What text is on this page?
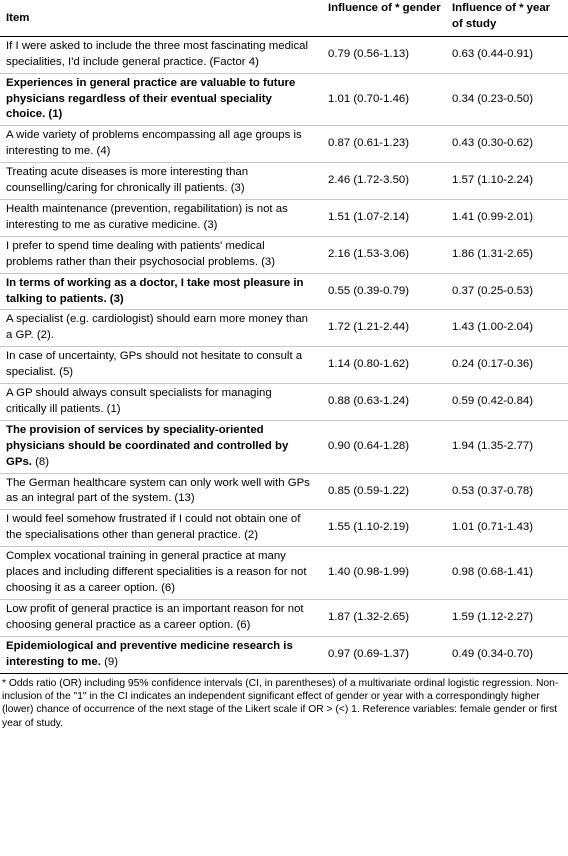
Item	Influence of * gender	Influence of * year of study
If I were asked to include the three most fascinating medical specialities, I'd include general practice. (Factor 4)	0.79 (0.56-1.13)	0.63 (0.44-0.91)
Experiences in general practice are valuable to future physicians regardless of their eventual speciality choice. (1)	1.01 (0.70-1.46)	0.34 (0.23-0.50)
A wide variety of problems encompassing all age groups is interesting to me. (4)	0.87 (0.61-1.23)	0.43 (0.30-0.62)
Treating acute diseases is more interesting than counselling/caring for chronically ill patients. (3)	2.46 (1.72-3.50)	1.57 (1.10-2.24)
Health maintenance (prevention, regabilitation) is not as interesting to me as curative medicine. (3)	1.51 (1.07-2.14)	1.41 (0.99-2.01)
I prefer to spend time dealing with patients' medical problems rather than their psychosocial problems. (3)	2.16 (1.53-3.06)	1.86 (1.31-2.65)
In terms of working as a doctor, I take most pleasure in talking to patients. (3)	0.55 (0.39-0.79)	0.37 (0.25-0.53)
A specialist (e.g. cardiologist) should earn more money than a GP. (2).	1.72 (1.21-2.44)	1.43 (1.00-2.04)
In case of uncertainty, GPs should not hesitate to consult a specialist. (5)	1.14 (0.80-1.62)	0.24 (0.17-0.36)
A GP should always consult specialists for managing critically ill patients. (1)	0.88 (0.63-1.24)	0.59 (0.42-0.84)
The provision of services by speciality-oriented physicians should be coordinated and controlled by GPs. (8)	0.90 (0.64-1.28)	1.94 (1.35-2.77)
The German healthcare system can only work well with GPs as an integral part of the system. (13)	0.85 (0.59-1.22)	0.53 (0.37-0.78)
I would feel somehow frustrated if I could not obtain one of the specialisations other than general practice. (2)	1.55 (1.10-2.19)	1.01 (0.71-1.43)
Complex vocational training in general practice at many places and including different specialities is a reason for not choosing it as a career option. (6)	1.40 (0.98-1.99)	0.98 (0.68-1.41)
Low profit of general practice is an important reason for not choosing general practice as a career option. (6)	1.87 (1.32-2.65)	1.59 (1.12-2.27)
Epidemiological and preventive medicine research is interesting to me. (9)	0.97 (0.69-1.37)	0.49 (0.34-0.70)
* Odds ratio (OR) including 95% confidence intervals (CI, in parentheses) of a multivariate ordinal logistic regression. Non-inclusion of the "1" in the CI indicates an independent significant effect of gender or year with a correspondingly higher (lower) chance of occurrence of the next stage of the Likert scale if OR > (<) 1. Reference variables: female gender or first year of study.
